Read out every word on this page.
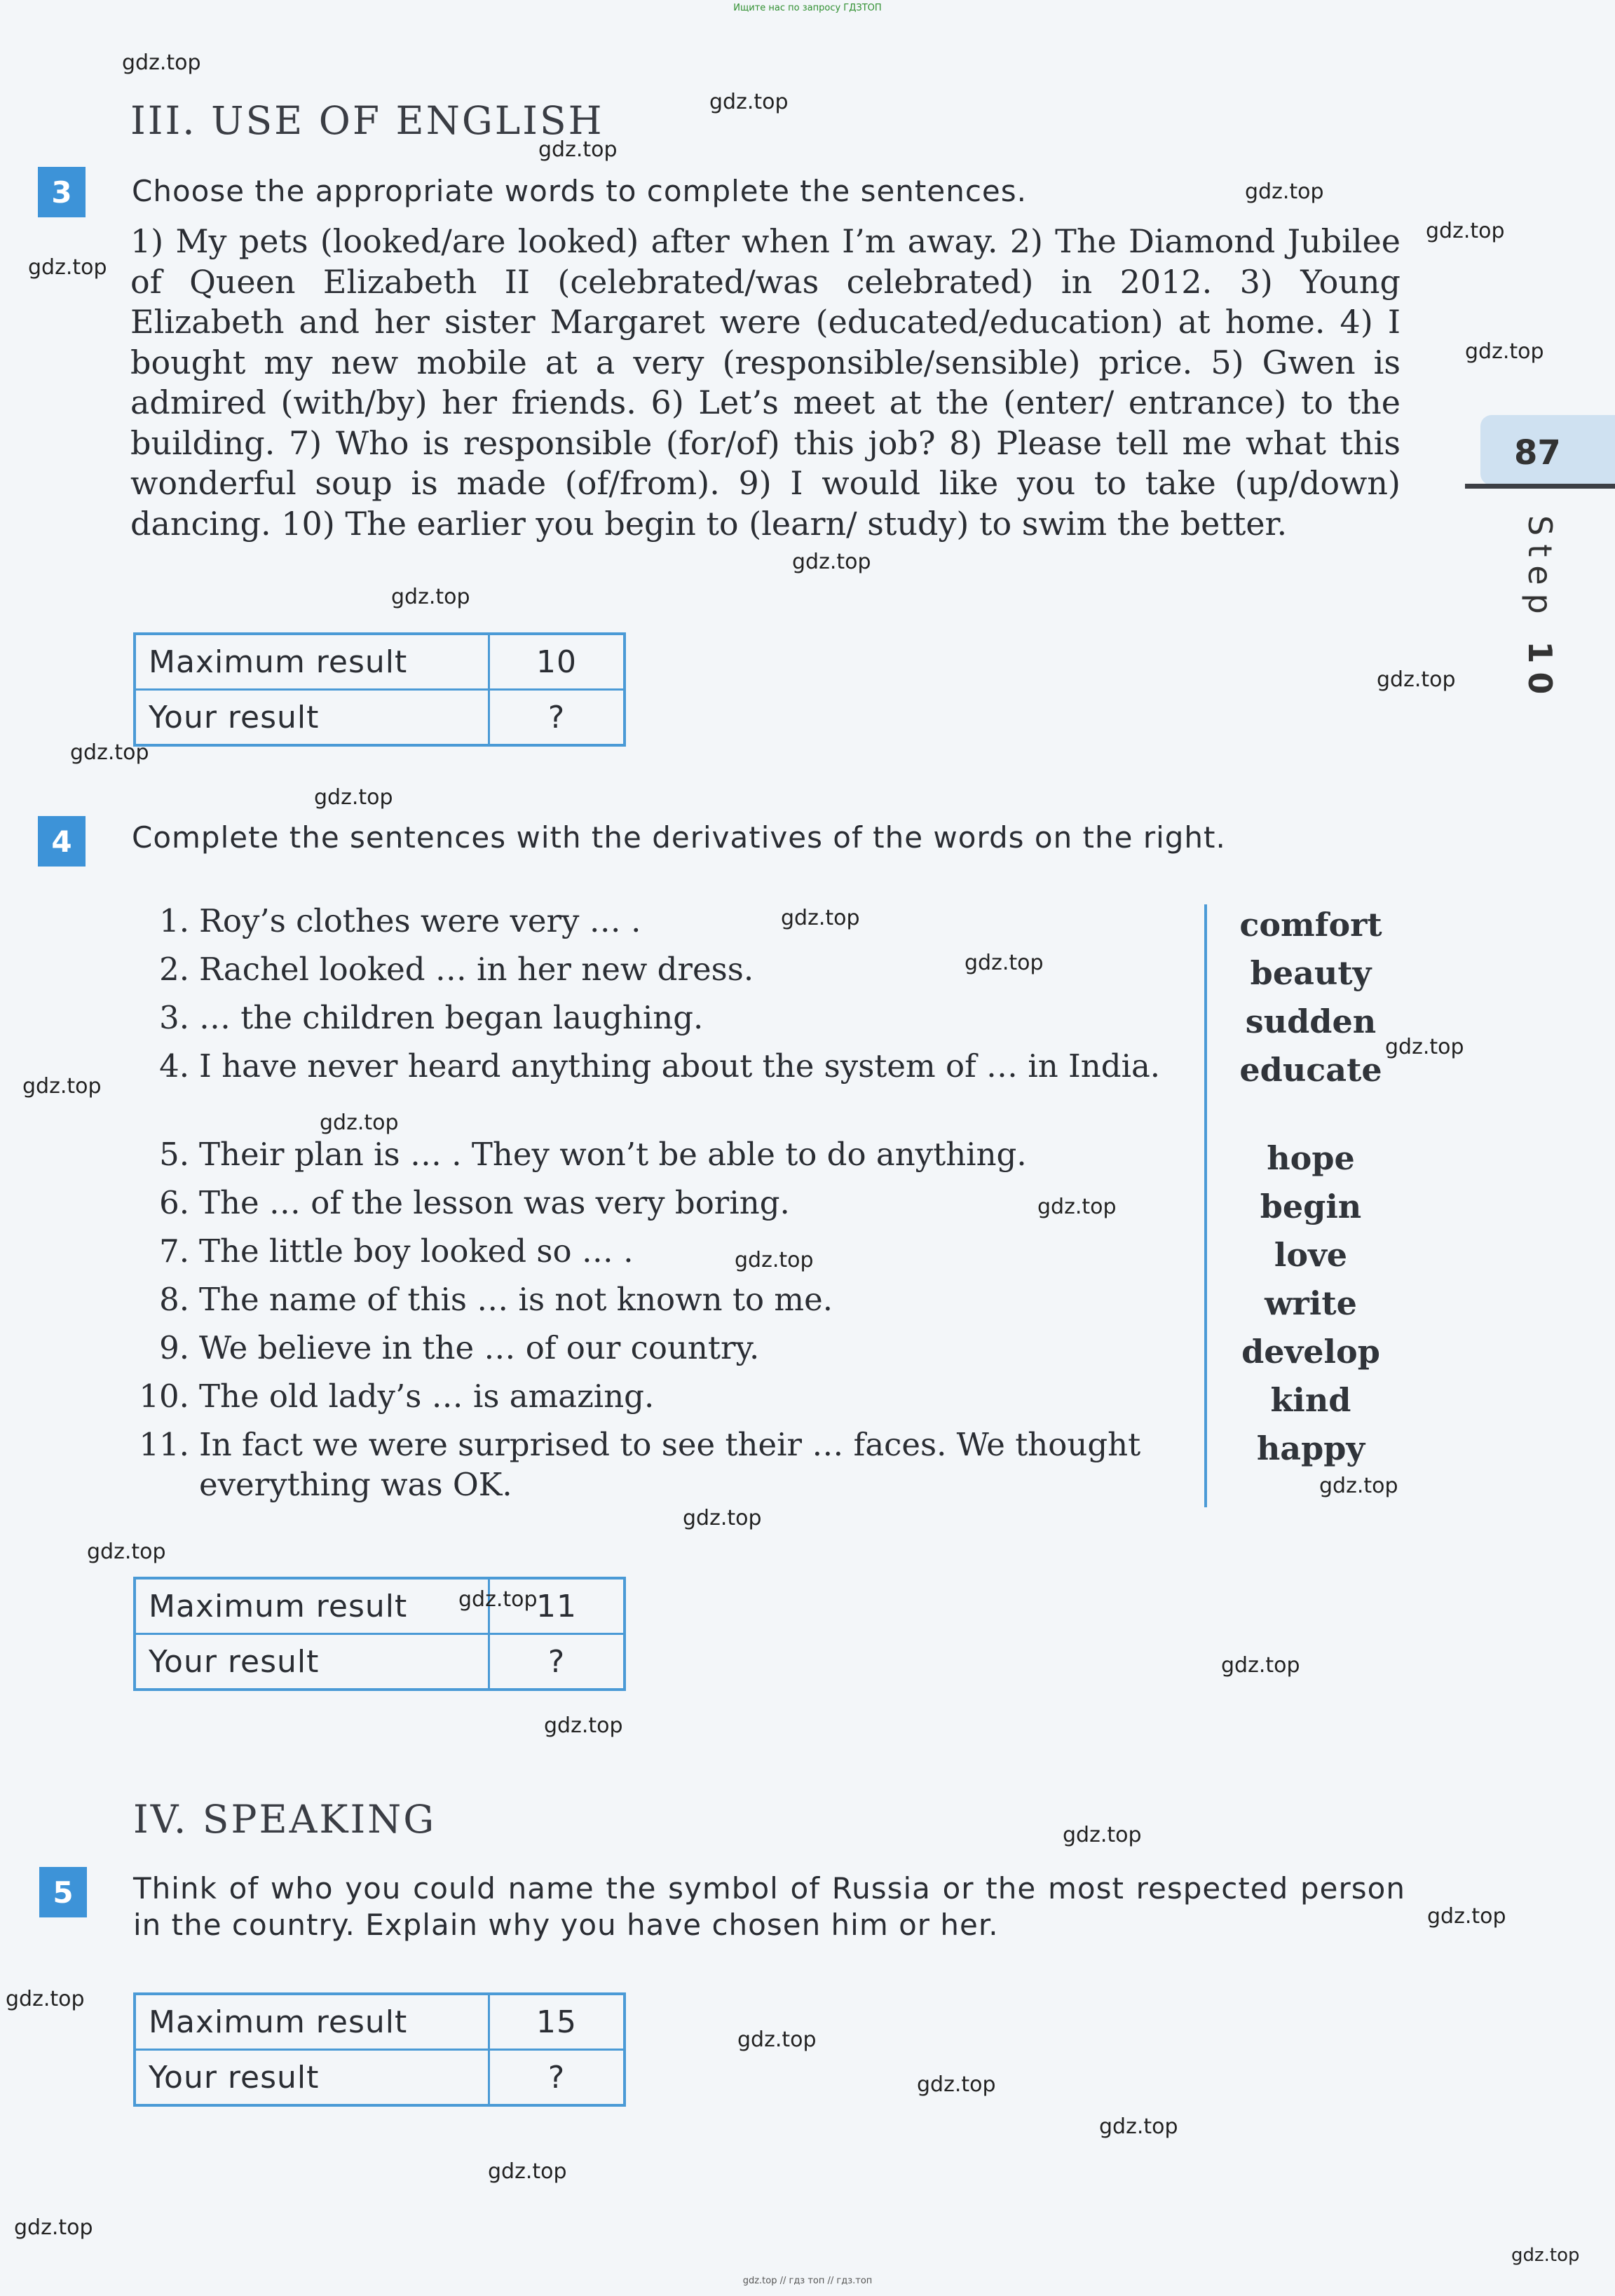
Ищите нас по запросу ГДЗТОП
87
Step 10
III. USE OF ENGLISH
3	Choose the appropriate words to complete the sentences.
1) My pets (looked/are looked) after when I’m away. 2) The Diamond Jubilee of Queen Elizabeth II (celebrated/was celebrated) in 2012. 3) Young Elizabeth and her sister Margaret were (educated/education) at home. 4) I bought my new mobile at a very (responsible/sensible) price. 5) Gwen is admired (with/by) her friends. 6) Let’s meet at the (enter/ entrance) to the building. 7) Who is responsible (for/of) this job? 8) Please tell me what this wonderful soup is made (of/from). 9) I would like you to take (up/down) dancing. 10) The earlier you begin to (learn/ study) to swim the better.
Maximum result	10
Your result	?
4	Complete the sentences with the derivatives of the words on the right.
1. Roy’s clothes were very … .
2. Rachel looked … in her new dress.
3. … the children began laughing.
4. I have never heard anything about the system of … in India.
5. Their plan is … . They won’t be able to do anything.
6. The … of the lesson was very boring.
7. The little boy looked so … .
8. The name of this … is not known to me.
9. We believe in the … of our country.
10. The old lady’s … is amazing.
11. In fact we were surprised to see their … faces. We thought everything was OK.
comfort
beauty
sudden
educate
hope
begin
love
write
develop
kind
happy
Maximum result	11
Your result	?
IV. SPEAKING
5	Think of who you could name the symbol of Russia or the most respected person in the country. Explain why you have chosen him or her.
Maximum result	15
Your result	?
gdz.top
gdz.top
gdz.top
gdz.top
gdz.top
gdz.top
gdz.top
gdz.top
gdz.top
gdz.top
gdz.top
gdz.top
gdz.top
gdz.top
gdz.top
gdz.top
gdz.top
gdz.top
gdz.top
gdz.top
gdz.top
gdz.top
gdz.top
gdz.top
gdz.top
gdz.top
gdz.top
gdz.top
gdz.top
gdz.top
gdz.top
gdz.top
gdz.top
gdz.top
gdz.top // гдз топ // гдз.топ
